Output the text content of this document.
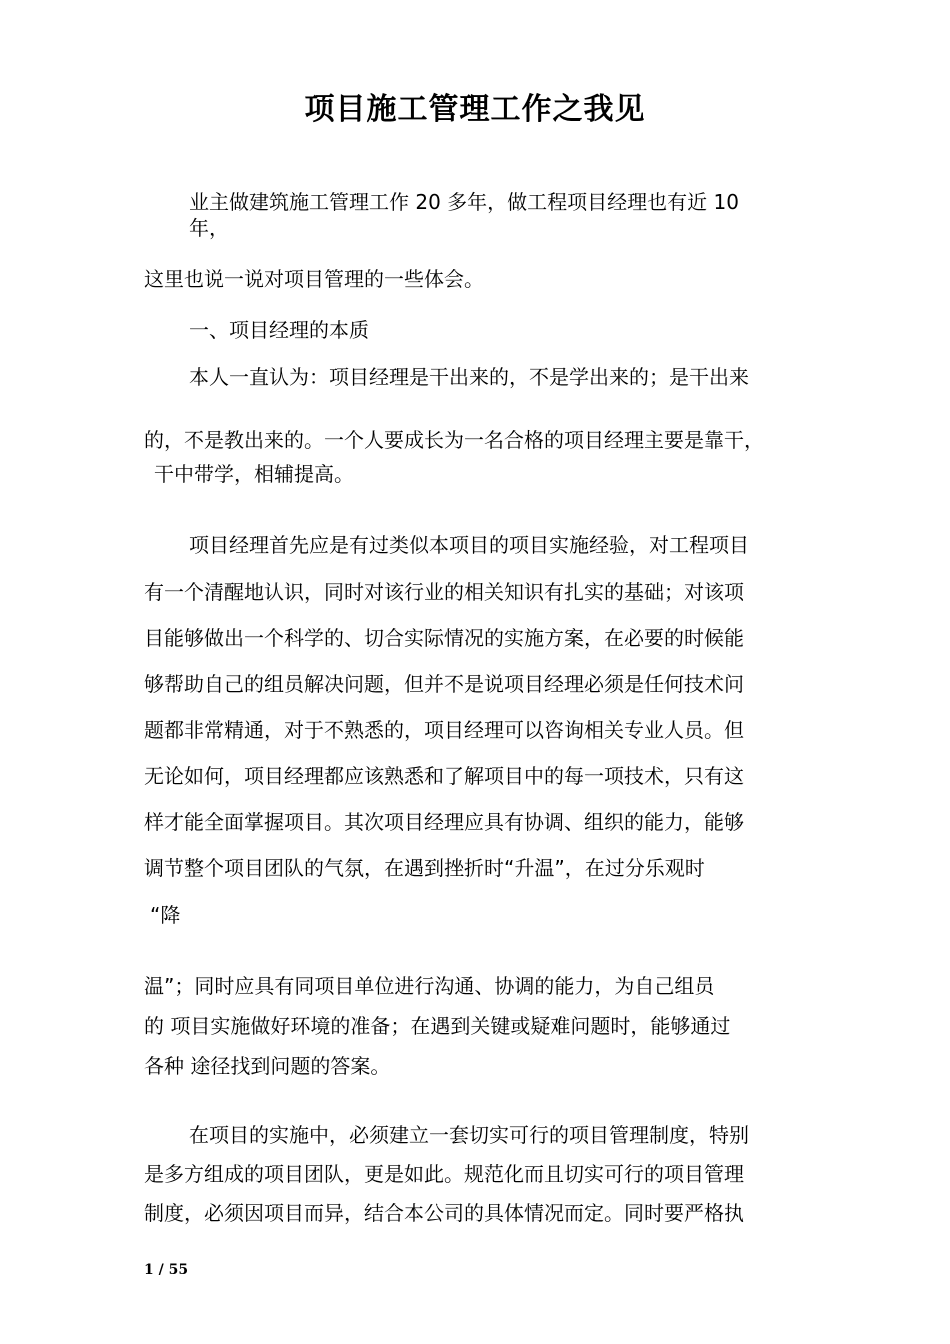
项目施工管理工作之我见

业主做建筑施工管理工作 20 多年，做工程项目经理也有近 10

年，

这里也说一说对项目管理的一些体会。

一、项目经理的本质

本人一直认为：项目经理是干出来的，不是学出来的；是干出来

的，不是教出来的。一个人要成长为一名合格的项目经理主要是靠干，

干中带学，相辅提高。

项目经理首先应是有过类似本项目的项目实施经验，对工程项目

有一个清醒地认识，同时对该行业的相关知识有扎实的基础；对该项

目能够做出一个科学的、切合实际情况的实施方案，在必要的时候能

够帮助自己的组员解决问题，但并不是说项目经理必须是任何技术问

题都非常精通，对于不熟悉的，项目经理可以咨询相关专业人员。但

无论如何，项目经理都应该熟悉和了解项目中的每一项技术，只有这

样才能全面掌握项目。其次项目经理应具有协调、组织的能力，能够

调节整个项目团队的气氛，在遇到挫折时“升温”，在过分乐观时

“降

温”；同时应具有同项目单位进行沟通、协调的能力，为自己组员

的 项目实施做好环境的准备；在遇到关键或疑难问题时，能够通过

各种 途径找到问题的答案。

在项目的实施中，必须建立一套切实可行的项目管理制度，特别

是多方组成的项目团队，更是如此。规范化而且切实可行的项目管理

制度，必须因项目而异，结合本公司的具体情况而定。同时要严格执

1 / 55
